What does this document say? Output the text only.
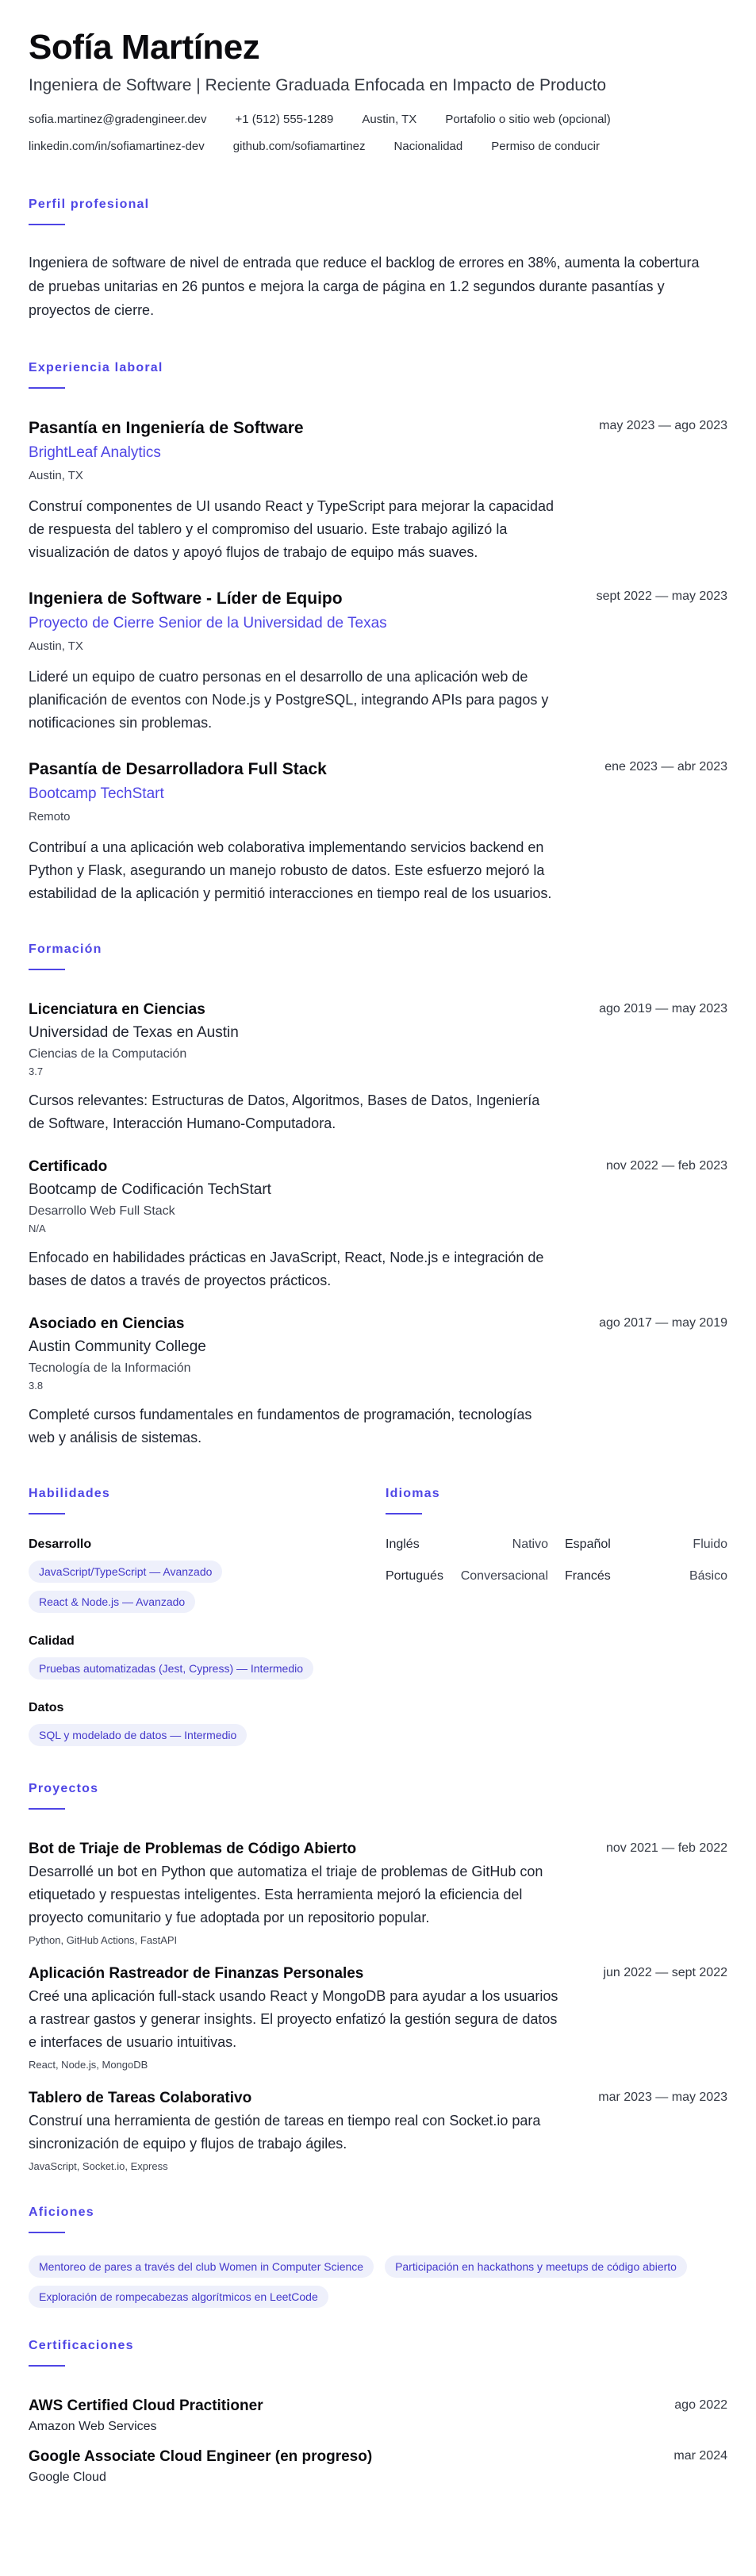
Sofía Martínez
Ingeniera de Software | Reciente Graduada Enfocada en Impacto de Producto
sofia.martinez@gradengineer.dev +1 (512) 555-1289 Austin, TX Portafolio o sitio web (opcional)
linkedin.com/in/sofiamartinez-dev github.com/sofiamartinez Nacionalidad Permiso de conducir
Perfil profesional

Ingeniera de software de nivel de entrada que reduce el backlog de errores en 38%, aumenta la cobertura de pruebas unitarias en 26 puntos e mejora la carga de página en 1.2 segundos durante pasantías y proyectos de cierre.

Experiencia laboral
Pasantía en Ingeniería de Software	may 2023 — ago 2023
BrightLeaf Analytics
Austin, TX

Construí componentes de UI usando React y TypeScript para mejorar la capacidad de respuesta del tablero y el compromiso del usuario. Este trabajo agilizó la visualización de datos y apoyó flujos de trabajo de equipo más suaves.

Ingeniera de Software - Líder de Equipo	sept 2022 — may 2023
Proyecto de Cierre Senior de la Universidad de Texas
Austin, TX

Lideré un equipo de cuatro personas en el desarrollo de una aplicación web de planificación de eventos con Node.js y PostgreSQL, integrando APIs para pagos y notificaciones sin problemas.

Pasantía de Desarrolladora Full Stack	ene 2023 — abr 2023
Bootcamp TechStart
Remoto

Contribuí a una aplicación web colaborativa implementando servicios backend en Python y Flask, asegurando un manejo robusto de datos. Este esfuerzo mejoró la estabilidad de la aplicación y permitió interacciones en tiempo real de los usuarios.

Formación
Licenciatura en Ciencias	ago 2019 — may 2023
Universidad de Texas en Austin
Ciencias de la Computación
3.7

Cursos relevantes: Estructuras de Datos, Algoritmos, Bases de Datos, Ingeniería de Software, Interacción Humano-Computadora.

Certificado	nov 2022 — feb 2023
Bootcamp de Codificación TechStart
Desarrollo Web Full Stack
N/A

Enfocado en habilidades prácticas en JavaScript, React, Node.js e integración de bases de datos a través de proyectos prácticos.

Asociado en Ciencias	ago 2017 — may 2019
Austin Community College
Tecnología de la Información
3.8

Completé cursos fundamentales en fundamentos de programación, tecnologías web y análisis de sistemas.

Habilidades
Desarrollo
JavaScript/TypeScript — Avanzado
React & Node.js — Avanzado
Calidad
Pruebas automatizadas (Jest, Cypress) — Intermedio
Datos
SQL y modelado de datos — Intermedio
Idiomas
Inglés	Nativo Español	Fluido
Portugués Conversacional Francés	Básico
Proyectos
Bot de Triaje de Problemas de Código Abierto	nov 2021 — feb 2022

Desarrollé un bot en Python que automatiza el triaje de problemas de GitHub con etiquetado y respuestas inteligentes. Esta herramienta mejoró la eficiencia del proyecto comunitario y fue adoptada por un repositorio popular.

Python, GitHub Actions, FastAPI
Aplicación Rastreador de Finanzas Personales	jun 2022 — sept 2022

Creé una aplicación full-stack usando React y MongoDB para ayudar a los usuarios a rastrear gastos y generar insights. El proyecto enfatizó la gestión segura de datos e interfaces de usuario intuitivas.

React, Node.js, MongoDB
Tablero de Tareas Colaborativo	mar 2023 — may 2023

Construí una herramienta de gestión de tareas en tiempo real con Socket.io para sincronización de equipo y flujos de trabajo ágiles.

JavaScript, Socket.io, Express
Aficiones
Mentoreo de pares a través del club Women in Computer Science	Participación en hackathons y meetups de código abierto
Exploración de rompecabezas algorítmicos en LeetCode
Certificaciones
AWS Certified Cloud Practitioner	ago 2022
Amazon Web Services
Google Associate Cloud Engineer (en progreso)	mar 2024
Google Cloud
